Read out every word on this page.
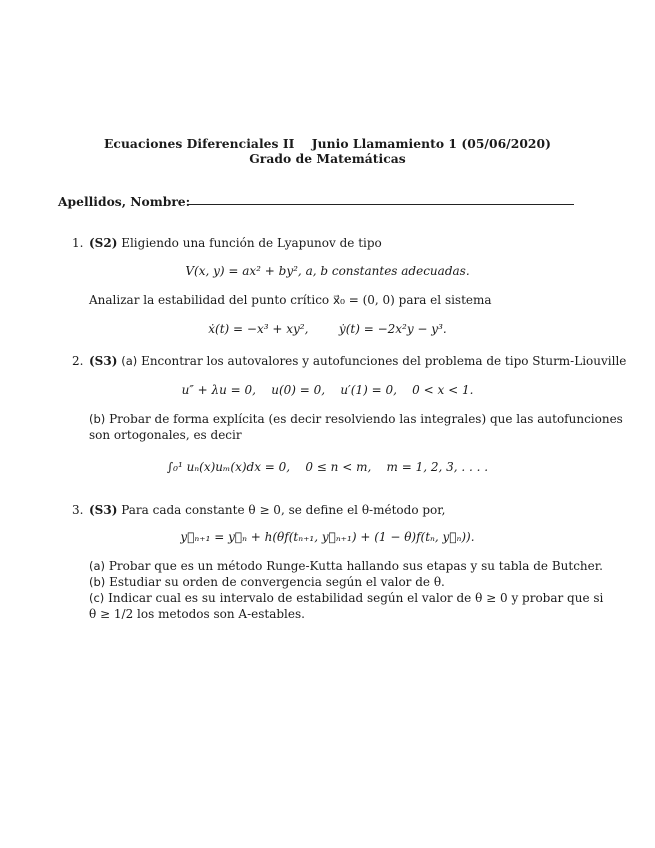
Ecuaciones Diferenciales II    Junio Llamamiento 1 (05/06/2020)
Grado de Matemáticas
Apellidos, Nombre:
1. (S2) Eligiendo una función de Lyapunov de tipo
V(x, y) = ax² + by², a, b constantes adecuadas.
Analizar la estabilidad del punto crítico x⃗₀ = (0, 0) para el sistema
ẋ(t) = −x³ + xy²,        ẏ(t) = −2x²y − y³.
2. (S3) (a) Encontrar los autovalores y autofunciones del problema de tipo Sturm-Liouville
u″ + λu = 0,    u(0) = 0,    u′(1) = 0,    0 < x < 1.
(b) Probar de forma explícita (es decir resolviendo las integrales) que las autofunciones
son ortogonales, es decir
∫₀¹ uₙ(x)uₘ(x)dx = 0,    0 ≤ n < m,    m = 1, 2, 3, . . . .
3. (S3) Para cada constante θ ≥ 0, se define el θ-método por,
y⃗ₙ₊₁ = y⃗ₙ + h(θf(tₙ₊₁, y⃗ₙ₊₁) + (1 − θ)f(tₙ, y⃗ₙ)).
(a) Probar que es un método Runge-Kutta hallando sus etapas y su tabla de Butcher.
(b) Estudiar su orden de convergencia según el valor de θ.
(c) Indicar cual es su intervalo de estabilidad según el valor de θ ≥ 0 y probar que si
θ ≥ 1/2 los metodos son A-estables.
